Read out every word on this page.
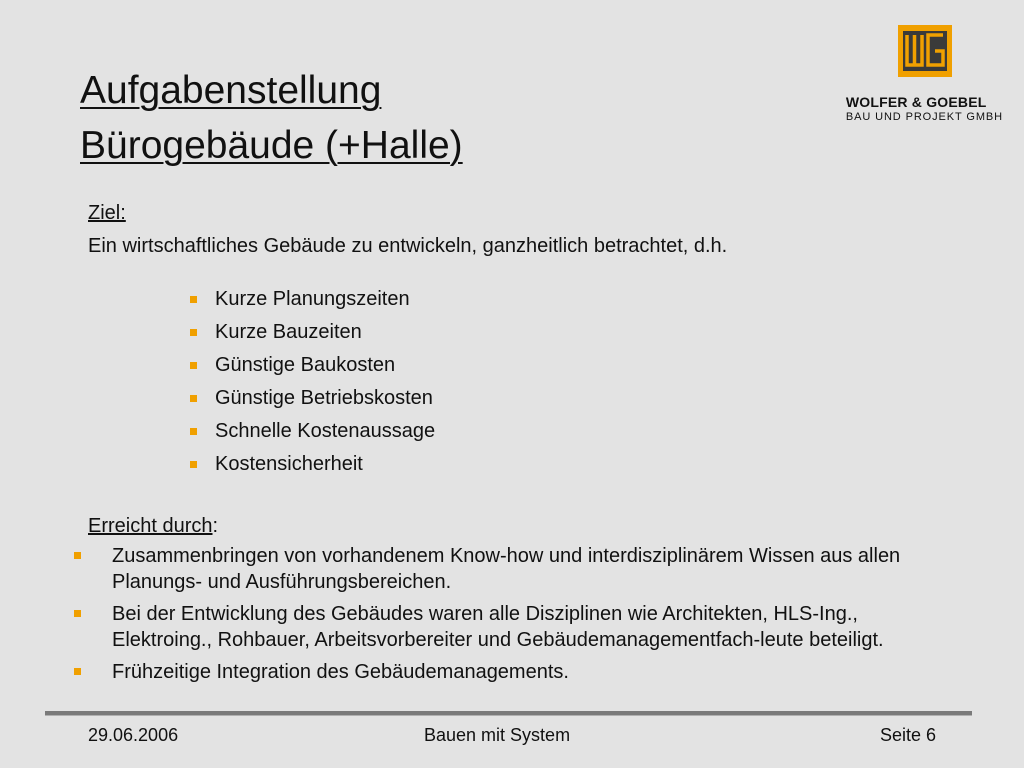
Aufgabenstellung
Bürogebäude (+Halle)
WOLFER & GOEBEL
BAU UND PROJEKT GMBH
Ziel:
Ein wirtschaftliches Gebäude zu entwickeln, ganzheitlich betrachtet, d.h.
Kurze Planungszeiten
Kurze Bauzeiten
Günstige Baukosten
Günstige Betriebskosten
Schnelle Kostenaussage
Kostensicherheit
Erreicht durch:
Zusammenbringen von vorhandenem Know-how und interdisziplinärem Wissen aus allen Planungs- und Ausführungsbereichen.
Bei der Entwicklung des Gebäudes waren alle Disziplinen wie Architekten, HLS-Ing., Elektroing., Rohbauer, Arbeitsvorbereiter und Gebäudemanagementfach-leute beteiligt.
Frühzeitige Integration des Gebäudemanagements.
29.06.2006	Bauen mit System	Seite 6
